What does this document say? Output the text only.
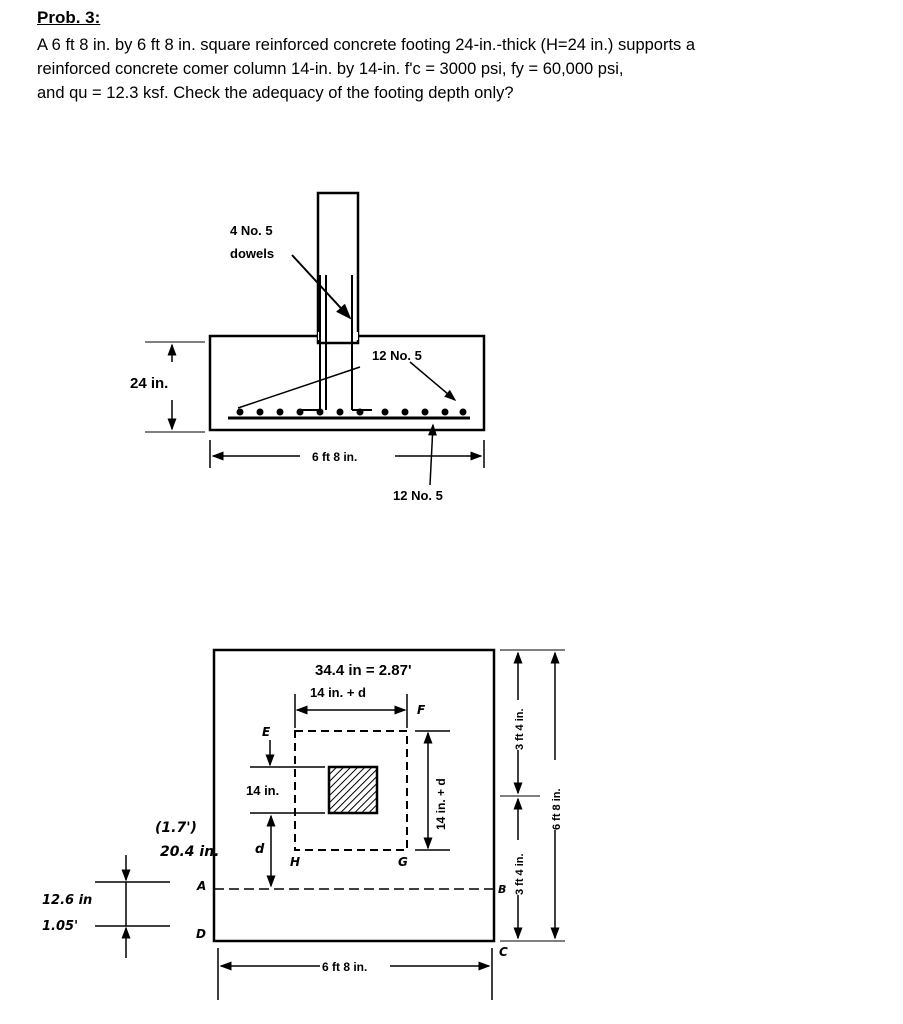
Prob. 3:
A 6 ft 8 in. by 6 ft 8 in. square reinforced concrete footing 24-in.-thick (H=24 in.) supports a
reinforced concrete comer column 14-in. by 14-in. f'c = 3000 psi, fy = 60,000 psi,
and qu = 12.3 ksf. Check the adequacy of the footing depth only?
4 No. 5
dowels
12 No. 5
12 No. 5
24 in.
6 ft 8 in.
E
F
G
H
A	B
C
D
34.4 in = 2.87'
14 in. + d
14 in. + d
14 in.
d
(1.7')
20.4 in.
12.6 in
1.05'
3 ft 4 in.
3 ft 4 in.
6 ft 8 in.
6 ft 8 in.
